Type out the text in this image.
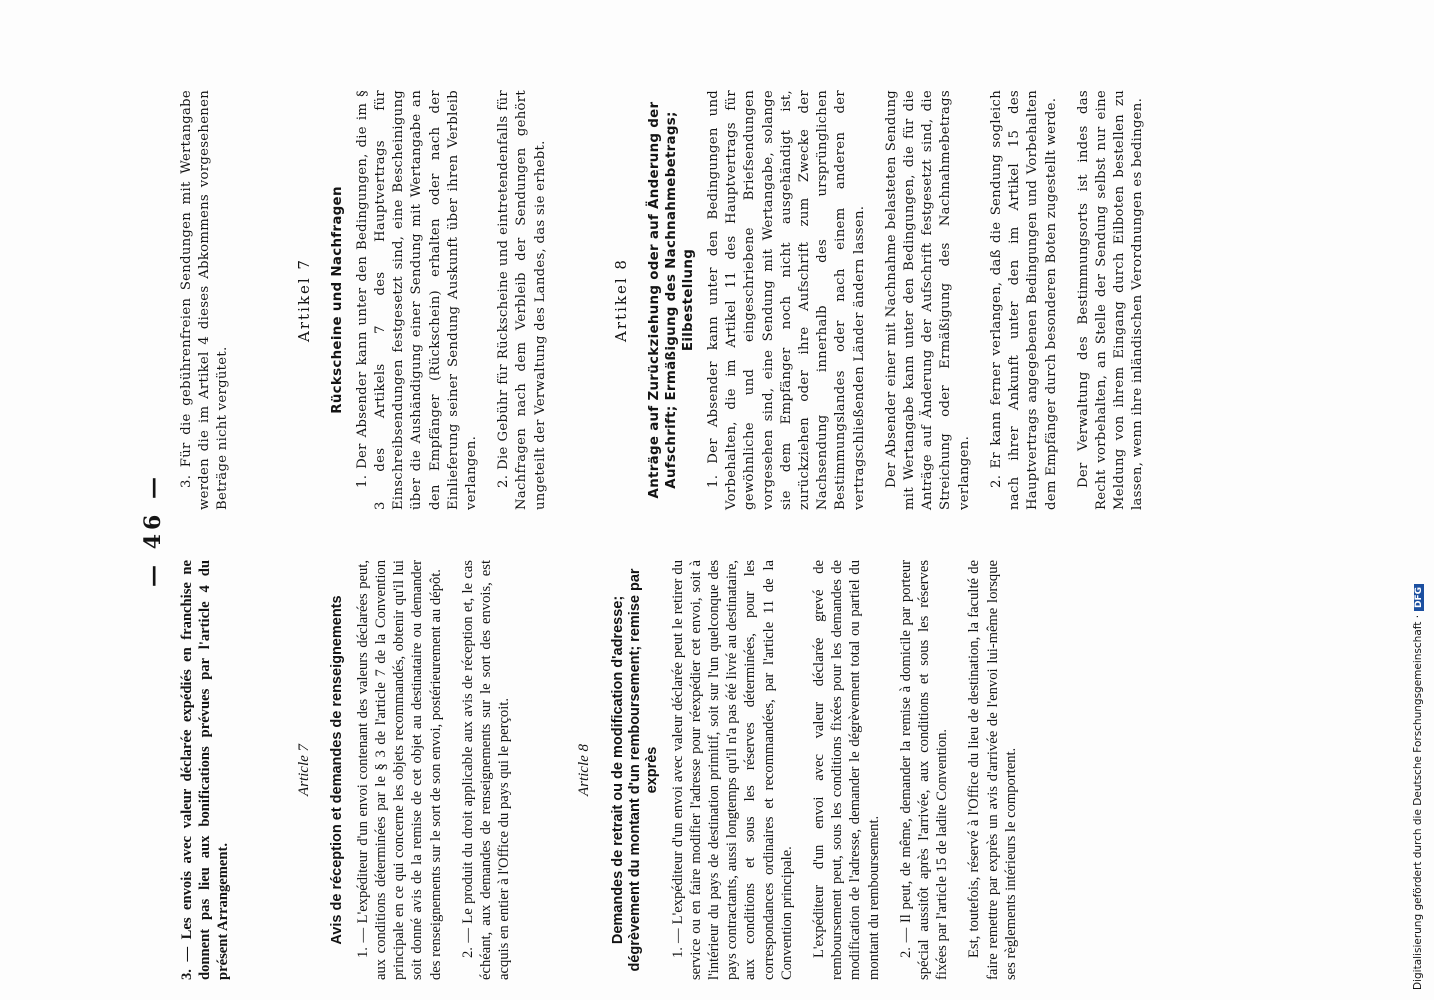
— 46 —

3. — Les envois avec valeur déclarée expédiés en franchise ne donnent pas lieu aux bonifications prévues par l'article 4 du présent Arrangement.

Article 7 Avis de réception et demandes de renseignements 1. — L'expéditeur d'un envoi contenant des valeurs déclarées peut, aux conditions déterminées par le § 3 de l'article 7 de la Convention principale en ce qui concerne les objets recommandés, obtenir qu'il lui soit donné avis de la remise de cet objet au destinataire ou demander des renseignements sur le sort de son envoi, postérieurement au dépôt. 2. — Le produit du droit applicable aux avis de réception et, le cas échéant, aux demandes de renseignements sur le sort des envois, est acquis en entier à l'Office du pays qui le perçoit.	Article 8 Demandes de retrait ou de modification d'adresse; dégrèvement du montant d'un remboursement; remise par exprès 1. — L'expéditeur d'un envoi avec valeur déclarée peut le retirer du service ou en faire modifier l'adresse pour réexpédier cet envoi, soit à l'intérieur du pays de destination primitif, soit sur l'un quelconque des pays contractants, aussi longtemps qu'il n'a pas été livré au destinataire, aux conditions et sous les réserves déterminées, pour les correspondances ordinaires et recommandées, par l'article 11 de la Convention principale. L'expéditeur d'un envoi avec valeur déclarée grevé de remboursement peut, sous les conditions fixées pour les demandes de modification de l'adresse, demander le dégrèvement total ou partiel du montant du remboursement. 2. — Il peut, de même, demander la remise à domicile par porteur spécial aussitôt après l'arrivée, aux conditions et sous les réserves fixées par l'article 15 de ladite Convention. Est, toutefois, réservé à l'Office du lieu de destination, la faculté de faire remettre par exprès un avis d'arrivée de l'envoi lui-même lorsque ses règlements intérieurs le comportent.

3. Für die gebührenfreien Sendungen mit Wertangabe werden die im Artikel 4 dieses Abkommens vorgesehenen Beträge nicht vergütet.

Artikel 7 Rückscheine und Nachfragen 1. Der Absender kann unter den Bedingungen, die im § 3 des Artikels 7 des Hauptvertrags für Einschreibsendungen festgesetzt sind, eine Bescheinigung über die Aushändigung einer Sendung mit Wertangabe an den Empfänger (Rückschein) erhalten oder nach der Einlieferung seiner Sendung Auskunft über ihren Verbleib verlangen. 2. Die Gebühr für Rückscheine und eintretendenfalls für Nachfragen nach dem Verbleib der Sendungen gehört ungeteilt der Verwaltung des Landes, das sie erhebt.	Artikel 8 Anträge auf Zurückziehung oder auf Änderung der Aufschrift; Ermäßigung des Nachnahmebetrags; Eilbestellung 1. Der Absender kann unter den Bedingungen und Vorbehalten, die im Artikel 11 des Hauptvertrags für gewöhnliche und eingeschriebene Briefsendungen vorgesehen sind, eine Sendung mit Wertangabe, solange sie dem Empfänger noch nicht ausgehändigt ist, zurückziehen oder ihre Aufschrift zum Zwecke der Nachsendung innerhalb des ursprünglichen Bestimmungslandes oder nach einem anderen der vertragschließenden Länder ändern lassen. Der Absender einer mit Nachnahme belasteten Sendung mit Wertangabe kann unter den Bedingungen, die für die Anträge auf Änderung der Aufschrift festgesetzt sind, die Streichung oder Ermäßigung des Nachnahmebetrags verlangen. 2. Er kann ferner verlangen, daß die Sendung sogleich nach ihrer Ankunft unter den im Artikel 15 des Hauptvertrags angegebenen Bedingungen und Vorbehalten dem Empfänger durch besonderen Boten zugestellt werde. Der Verwaltung des Bestimmungsorts ist indes das Recht vorbehalten, an Stelle der Sendung selbst nur eine Meldung von ihrem Eingang durch Eilboten bestellen zu lassen, wenn ihre inländischen Verordnungen es bedingen.

Digitalisierung gefördert durch die Deutsche Forschungsgemeinschaft ·DFG
